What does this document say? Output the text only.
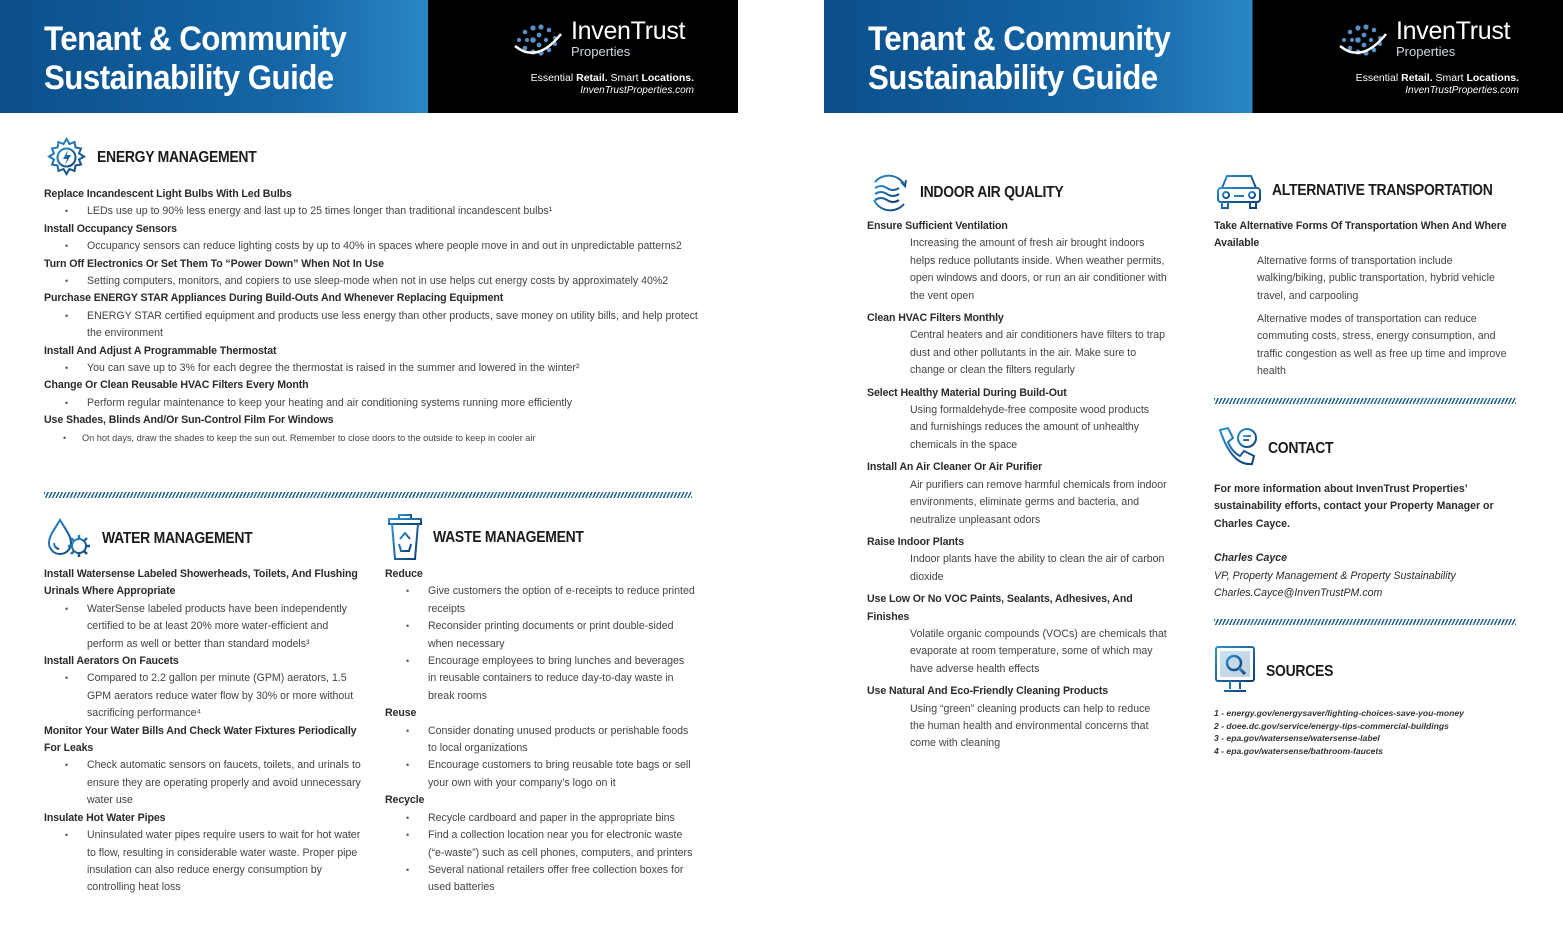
Tenant & Community
Sustainability Guide
InvenTrust
Properties
Essential Retail. Smart Locations.
InvenTrustProperties.com
ENERGY MANAGEMENT
Replace Incandescent Light Bulbs With Led Bulbs
• LEDs use up to 90% less energy and last up to 25 times longer than traditional incandescent bulbs¹
Install Occupancy Sensors
• Occupancy sensors can reduce lighting costs by up to 40% in spaces where people move in and out in unpredictable patterns2
Turn Off Electronics Or Set Them To “Power Down” When Not In Use
• Setting computers, monitors, and copiers to use sleep-mode when not in use helps cut energy costs by approximately 40%2
Purchase ENERGY STAR Appliances During Build-Outs And Whenever Replacing Equipment
• ENERGY STAR certified equipment and products use less energy than other products, save money on utility bills, and help protect the environment
Install And Adjust A Programmable Thermostat
• You can save up to 3% for each degree the thermostat is raised in the summer and lowered in the winter²
Change Or Clean Reusable HVAC Filters Every Month
• Perform regular maintenance to keep your heating and air conditioning systems running more efficiently
Use Shades, Blinds And/Or Sun-Control Film For Windows
• On hot days, draw the shades to keep the sun out. Remember to close doors to the outside to keep in cooler air
WATER MANAGEMENT
Install Watersense Labeled Showerheads, Toilets, And Flushing Urinals Where Appropriate
• WaterSense labeled products have been independently certified to be at least 20% more water-efficient and perform as well or better than standard models³
Install Aerators On Faucets
• Compared to 2.2 gallon per minute (GPM) aerators, 1.5 GPM aerators reduce water flow by 30% or more without sacrificing performance⁴
Monitor Your Water Bills And Check Water Fixtures Periodically For Leaks
• Check automatic sensors on faucets, toilets, and urinals to ensure they are operating properly and avoid unnecessary water use
Insulate Hot Water Pipes
• Uninsulated water pipes require users to wait for hot water to flow, resulting in considerable water waste. Proper pipe insulation can also reduce energy consumption by controlling heat loss
WASTE MANAGEMENT
Reduce
• Give customers the option of e-receipts to reduce printed receipts
• Reconsider printing documents or print double-sided when necessary
• Encourage employees to bring lunches and beverages in reusable containers to reduce day-to-day waste in break rooms
Reuse
• Consider donating unused products or perishable foods to local organizations
• Encourage customers to bring reusable tote bags or sell your own with your company’s logo on it
Recycle
• Recycle cardboard and paper in the appropriate bins
• Find a collection location near you for electronic waste (“e-waste”) such as cell phones, computers, and printers
• Several national retailers offer free collection boxes for used batteries
Tenant & Community
Sustainability Guide
InvenTrust
Properties
Essential Retail. Smart Locations.
InvenTrustProperties.com
INDOOR AIR QUALITY
Ensure Sufficient Ventilation
Increasing the amount of fresh air brought indoors helps reduce pollutants inside. When weather permits, open windows and doors, or run an air conditioner with the vent open
Clean HVAC Filters Monthly
Central heaters and air conditioners have filters to trap dust and other pollutants in the air. Make sure to change or clean the filters regularly
Select Healthy Material During Build-Out
Using formaldehyde-free composite wood products and furnishings reduces the amount of unhealthy chemicals in the space
Install An Air Cleaner Or Air Purifier
Air purifiers can remove harmful chemicals from indoor environments, eliminate germs and bacteria, and neutralize unpleasant odors
Raise Indoor Plants
Indoor plants have the ability to clean the air of carbon dioxide
Use Low Or No VOC Paints, Sealants, Adhesives, And Finishes
Volatile organic compounds (VOCs) are chemicals that evaporate at room temperature, some of which may have adverse health effects
Use Natural And Eco-Friendly Cleaning Products
Using “green” cleaning products can help to reduce the human health and environmental concerns that come with cleaning
ALTERNATIVE TRANSPORTATION
Take Alternative Forms Of Transportation When And Where Available
Alternative forms of transportation include walking/biking, public transportation, hybrid vehicle travel, and carpooling
Alternative modes of transportation can reduce commuting costs, stress, energy consumption, and traffic congestion as well as free up time and improve health
CONTACT
For more information about InvenTrust Properties’ sustainability efforts, contact your Property Manager or Charles Cayce.
Charles Cayce
VP, Property Management & Property Sustainability
Charles.Cayce@InvenTrustPM.com
SOURCES
1 - energy.gov/energysaver/lighting-choices-save-you-money
2 - doee.dc.gov/service/energy-tips-commercial-buildings
3 - epa.gov/watersense/watersense-label
4 - epa.gov/watersense/bathroom-faucets
